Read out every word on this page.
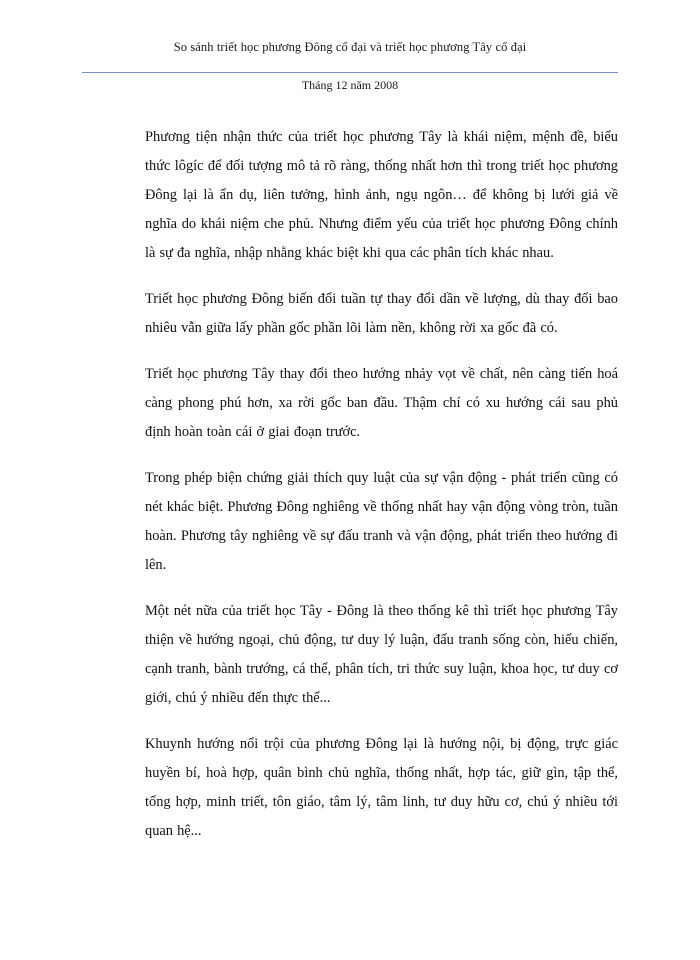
So sánh triết học phương Đông cổ đại và triết học phương Tây cổ đại
Tháng 12 năm 2008

Phương tiện nhận thức của triết học phương Tây là khái niệm, mệnh đề, biểu thức lôgíc để đối tượng mô tả rõ ràng, thống nhất hơn thì trong triết học phương Đông lại là ẩn dụ, liên tưởng, hình ảnh, ngụ ngôn… để không bị lưới giả về nghĩa do khái niệm che phủ. Nhưng điểm yếu của triết học phương Đông chính là sự đa nghĩa, nhập nhằng khác biệt khi qua các phân tích khác nhau.

Triết học phương Đông biến đổi tuần tự thay đổi dần về lượng, dù thay đổi bao nhiêu vẫn giữa lấy phần gốc phần lõi làm nền, không rời xa gốc đã có.

Triết học phương Tây thay đổi theo hướng nhảy vọt về chất, nên càng tiến hoá càng phong phú hơn, xa rời gốc ban đầu. Thậm chí có xu hướng cái sau phủ định hoàn toàn cái ở giai đoạn trước.

Trong phép biện chứng giải thích quy luật của sự vận động - phát triển cũng có nét khác biệt. Phương Đông nghiêng về thống nhất hay vận động vòng tròn, tuần hoàn. Phương tây nghiêng về sự đấu tranh và vận động, phát triển theo hướng đi lên.

Một nét nữa của triết học Tây - Đông là theo thống kê thì triết học phương Tây thiện về hướng ngoại, chủ động, tư duy lý luận, đấu tranh sống còn, hiếu chiến, cạnh tranh, bành trướng, cá thể, phân tích, tri thức suy luận, khoa học, tư duy cơ giới, chú ý nhiều đến thực thể...

Khuynh hướng nổi trội của phương Đông lại là hướng nội, bị động, trực giác huyền bí, hoà hợp, quân bình chủ nghĩa, thống nhất, hợp tác, giữ gìn, tập thể, tổng hợp, minh triết, tôn giáo, tâm lý, tâm linh, tư duy hữu cơ, chú ý nhiều tới quan hệ...
